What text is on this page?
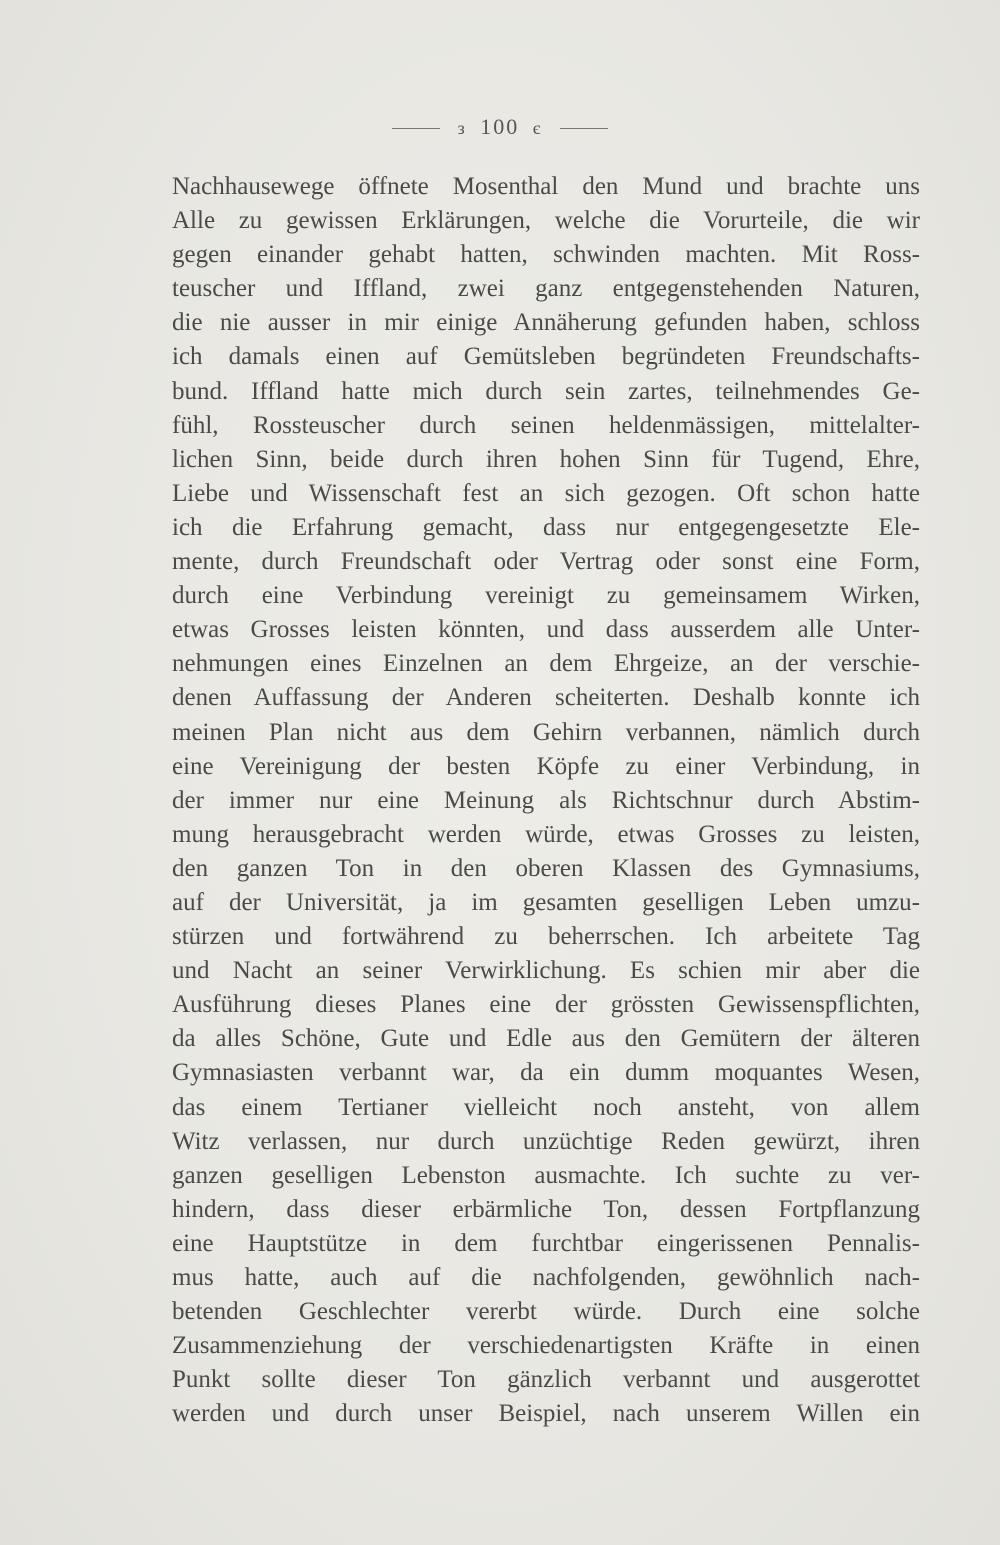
з 100 є
Nachhausewege öffnete Mosenthal den Mund und brachte uns
Alle zu gewissen Erklärungen, welche die Vorurteile, die wir
gegen einander gehabt hatten, schwinden machten. Mit Ross-
teuscher und Iffland, zwei ganz entgegenstehenden Naturen,
die nie ausser in mir einige Annäherung gefunden haben, schloss
ich damals einen auf Gemütsleben begründeten Freundschafts-
bund. Iffland hatte mich durch sein zartes, teilnehmendes Ge-
fühl, Rossteuscher durch seinen heldenmässigen, mittelalter-
lichen Sinn, beide durch ihren hohen Sinn für Tugend, Ehre,
Liebe und Wissenschaft fest an sich gezogen. Oft schon hatte
ich die Erfahrung gemacht, dass nur entgegengesetzte Ele-
mente, durch Freundschaft oder Vertrag oder sonst eine Form,
durch eine Verbindung vereinigt zu gemeinsamem Wirken,
etwas Grosses leisten könnten, und dass ausserdem alle Unter-
nehmungen eines Einzelnen an dem Ehrgeize, an der verschie-
denen Auffassung der Anderen scheiterten. Deshalb konnte ich
meinen Plan nicht aus dem Gehirn verbannen, nämlich durch
eine Vereinigung der besten Köpfe zu einer Verbindung, in
der immer nur eine Meinung als Richtschnur durch Abstim-
mung herausgebracht werden würde, etwas Grosses zu leisten,
den ganzen Ton in den oberen Klassen des Gymnasiums,
auf der Universität, ja im gesamten geselligen Leben umzu-
stürzen und fortwährend zu beherrschen. Ich arbeitete Tag
und Nacht an seiner Verwirklichung. Es schien mir aber die
Ausführung dieses Planes eine der grössten Gewissenspflichten,
da alles Schöne, Gute und Edle aus den Gemütern der älteren
Gymnasiasten verbannt war, da ein dumm moquantes Wesen,
das einem Tertianer vielleicht noch ansteht, von allem
Witz verlassen, nur durch unzüchtige Reden gewürzt, ihren
ganzen geselligen Lebenston ausmachte. Ich suchte zu ver-
hindern, dass dieser erbärmliche Ton, dessen Fortpflanzung
eine Hauptstütze in dem furchtbar eingerissenen Pennalis-
mus hatte, auch auf die nachfolgenden, gewöhnlich nach-
betenden Geschlechter vererbt würde. Durch eine solche
Zusammenziehung der verschiedenartigsten Kräfte in einen
Punkt sollte dieser Ton gänzlich verbannt und ausgerottet
werden und durch unser Beispiel, nach unserem Willen ein
